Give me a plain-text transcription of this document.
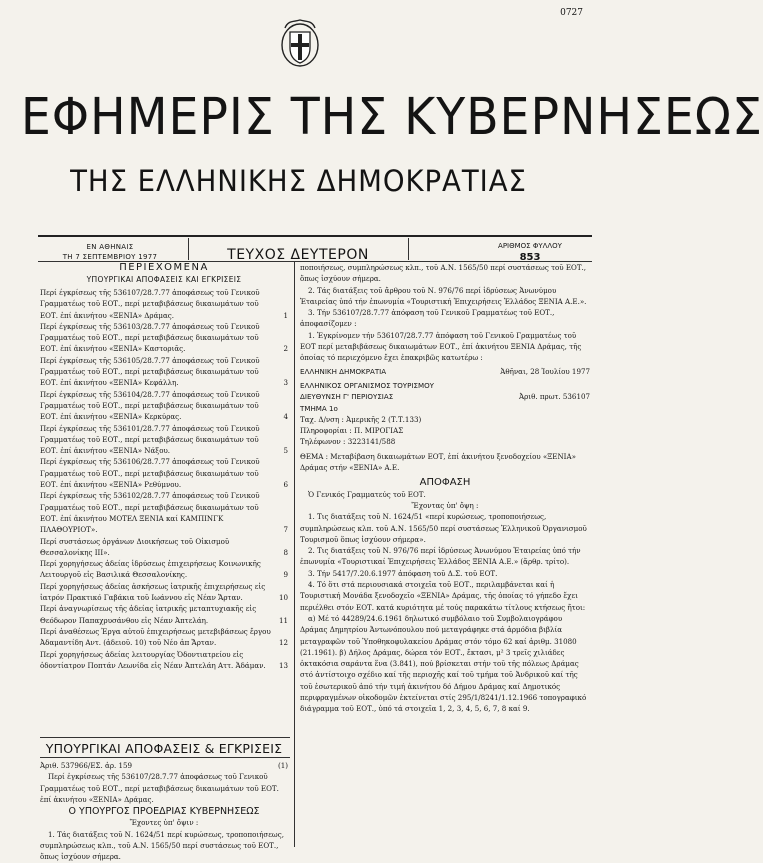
0727
ΕΦΗΜΕΡΙΣ ΤΗΣ ΚΥΒΕΡΝΗΣΕΩΣ
ΤΗΣ ΕΛΛΗΝΙΚΗΣ ΔΗΜΟΚΡΑΤΙΑΣ
ΕΝ ΑΘΗΝΑΙΣ
ΤΗ 7 ΣΕΠΤΕΜΒΡΙΟΥ 1977	ΤΕΥΧΟΣ ΔΕΥΤΕΡΟΝ
ΑΡΙΘΜΟΣ ΦΥΛΛΟΥ
853
ΠΕΡΙΕΧΟΜΕΝΑ
ΥΠΟΥΡΓΙΚΑΙ ΑΠΟΦΑΣΕΙΣ ΚΑΙ ΕΓΚΡΙΣΕΙΣ
Περί έγκρίσεως τῆς 536107/28.7.77 ἀποφάσεως τοῦ Γενικοῦ Γραμματέως τοῦ ΕΟΤ., περί μεταβιβάσεως δικαιωμάτων τοῦ ΕΟΤ. ἐπί ἀκινήτου «ΞΕΝΙΑ» Δράμας.	1
Περί έγκρίσεως τῆς 536103/28.7.77 ἀποφάσεως τοῦ Γενικοῦ Γραμματέως τοῦ ΕΟΤ., περί μεταβιβάσεως δικαιωμάτων τοῦ ΕΟΤ. ἐπί ἀκινήτου «ΞΕΝΙΑ» Καστοριᾶς.	2
Περί έγκρίσεως τῆς 536105/28.7.77 ἀποφάσεως τοῦ Γενικοῦ Γραμματέως τοῦ ΕΟΤ., περί μεταβιβάσεως δικαιωμάτων τοῦ ΕΟΤ. ἐπί ἀκινήτου «ΞΕΝΙΑ» Κεφάλλη.	3
Περί έγκρίσεως τῆς 536104/28.7.77 ἀποφάσεως τοῦ Γενικοῦ Γραμματέως τοῦ ΕΟΤ., περί μεταβιβάσεως δικαιωμάτων τοῦ ΕΟΤ. ἐπί ἀκινήτου «ΞΕΝΙΑ» Κερκύρας.	4
Περί έγκρίσεως τῆς 536101/28.7.77 ἀποφάσεως τοῦ Γενικοῦ Γραμματέως τοῦ ΕΟΤ., περί μεταβιβάσεως δικαιωμάτων τοῦ ΕΟΤ. ἐπί ἀκινήτου «ΞΕΝΙΑ» Νάξου.	5
Περί έγκρίσεως τῆς 536106/28.7.77 ἀποφάσεως τοῦ Γενικοῦ Γραμματέως τοῦ ΕΟΤ., περί μεταβιβάσεως δικαιωμάτων τοῦ ΕΟΤ. ἐπί ἀκινήτου «ΞΕΝΙΑ» Ρεθύμνου.	6
Περί έγκρίσεως τῆς 536102/28.7.77 ἀποφάσεως τοῦ Γενικοῦ Γραμματέως τοῦ ΕΟΤ., περί μεταβιβάσεως δικαιωμάτων τοῦ ΕΟΤ. ἐπί ἀκινήτου ΜΟΤΕΛ ΞΕΝΙΑ καί ΚΑΜΠΙΝΓΚ ΠΛΑΘΟΥΡΙΟΤ».	7
Περί συστάσεως ὀργάνων Διοικήσεως τοῦ Οἰκισμοῦ Θεσσαλονίκης ΙΙΙ».	8
Περί χορηγήσεως ἀδείας ἱδρύσεως ἐπιχειρήσεως Κοινωνικῆς Λειτουργοῦ εἰς Βασιλικά Θεσσαλονίκης.	9
Περί χορηγήσεως ἀδείας ἀσκήσεως ἰατρικῆς ἐπιχειρήσεως εἰς ἰατρόν Πρακτικό Γαβάκια τοῦ Ιωάννου εἰς Νέαν Ἄρταν.	10
Περί ἀναγνωρίσεως τῆς ἀδείας ἰατρικῆς μεταπτυχιακῆς εἰς Θεόδωρον Παπαχρυσάνθου εἰς Νέαν Ἀπτελάη.	11
Περί ἀναθέσεως Ἐργα αὐτοῦ ἐπιχειρήσεως μετεβιβάσεως ἔργου Ἀδαμαντίδη Αντ. (ἀδειοῦ. 10) τοῦ Νέο ἀπ Ἄρταν.	12
Περί χορηγήσεως ἀδείας λειτουργίας Ὀδοντιατρείου εἰς ὀδοντίατρον Ποπτάν Λεωνίδα εἰς Νέαν Ἀπτελάη Αττ. Ἀδάμαν. 13
ΥΠΟΥΡΓΙΚΑΙ ΑΠΟΦΑΣΕΙΣ & ΕΓΚΡΙΣΕΙΣ
Ἀριθ. 537966/ΕΣ. ἀρ. 159	(1)

Περί ἐγκρίσεως τῆς 536107/28.7.77 ἀποφάσεως τοῦ Γενικοῦ Γραμματέως τοῦ ΕΟΤ., περί μεταβιβάσεως δικαιωμάτων τοῦ ΕΟΤ. ἐπί ἀκινήτου «ΞΕΝΙΑ» Δράμας.

Ο ΥΠΟΥΡΓΟΣ ΠΡΟΕΔΡΙΑΣ ΚΥΒΕΡΝΗΣΕΩΣ

Ἔχοντες ὑπ' ὄψιν :

1. Τάς διατάξεις τοῦ Ν. 1624/51 περί κυρώσεως, τροποποιήσεως, συμπληρώσεως κλπ., τοῦ Α.Ν. 1565/50 περί συστάσεως τοῦ ΕΟΤ., ὅπως ἰσχύουν σήμερα.

ποποιήσεως, συμπληρώσεως κλπ., τοῦ Α.Ν. 1565/50 περί συστάσεως τοῦ ΕΟΤ., ὅπως ἰσχύουν σήμερα.

2. Τάς διατάξεις τοῦ ἄρθρου τοῦ Ν. 976/76 περί ἱδρύσεως Ἀνωνύμου Ἑταιρείας ὑπό τήν ἐπωνυμία «Τουριστική Ἐπιχειρήσεις Ἑλλάδος ΞΕΝΙΑ Α.Ε.».

3. Τήν 536107/28.7.77 ἀπόφαση τοῦ Γενικοῦ Γραμματέως τοῦ ΕΟΤ., ἀποφασίζομεν :

1. Ἐγκρίνομεν τήν 536107/28.7.77 ἀπόφαση τοῦ Γενικοῦ Γραμματέως τοῦ ΕΟΤ περί μεταβιβάσεως δικαιωμάτων ΕΟΤ., ἐπί ἀκινήτου ΞΕΝΙΑ Δράμας, τῆς ὁποίας τό περιεχόμενο ἔχει ἐπακριβῶς κατωτέρω :

ΕΛΛΗΝΙΚΗ ΔΗΜΟΚΡΑΤΙΑ	Ἀθῆναι, 28 Ἰουλίου 1977
ΕΛΛΗΝΙΚΟΣ ΟΡΓΑΝΙΣΜΟΣ ΤΟΥΡΙΣΜΟΥ
ΔΙΕΥΘΥΝΣΗ Γ' ΠΕΡΙΟΥΣΙΑΣ	Ἀριθ. πρωτ. 536107
ΤΜΗΜΑ 1ο
Ταχ. Δ/νση : Ἀμερικῆς 2 (Τ.Τ.133)
Πληροφορίαι : Π. ΜΙΡΟΓΙΑΣ
Τηλέφωνον : 3223141/588

ΘΕΜΑ : Μεταβίβαση δικαιωμάτων ΕΟΤ, ἐπί ἀκινήτου ξενοδοχείου «ΞΕΝΙΑ» Δράμας στήν «ΞΕΝΙΑ» Α.Ε.

ΑΠΟΦΑΣΗ

Ὁ Γενικός Γραμματεύς τοῦ ΕΟΤ.

Ἔχοντας ὑπ' ὄψη :

1. Τις διατάξεις τοῦ Ν. 1624/51 «περί κυρώσεως, τροποποιήσεως, συμπληρώσεως κλπ. τοῦ Α.Ν. 1565/50 περί συστάσεως Ἑλληνικοῦ Ὀργανισμοῦ Τουρισμοῦ ὅπως ἰσχύουν σήμερα».

2. Τις διατάξεις τοῦ Ν. 976/76 περί ἱδρύσεως Ἀνωνύμου Ἑταιρείας ὑπό τήν ἐπωνυμία «Τουριστικαί Ἐπιχειρήσεις Ἑλλάδος ΞΕΝΙΑ Α.Ε.» (ἄρθρ. τρίτο).

3. Τήν 5417/7.20.6.1977 ἀπόφαση τοῦ Δ.Σ. τοῦ ΕΟΤ.

4. Τό ὅτι στά περιουσιακά στοιχεῖα τοῦ ΕΟΤ., περιλαμβάνεται καί ἡ Τουριστική Μονάδα ξενοδοχεῖο «ΞΕΝΙΑ» Δράμας, τῆς ὁποίας τό γήπεδο ἔχει περιέλθει στόν ΕΟΤ. κατά κυριότητα μέ τούς παρακάτω τίτλους κτήσεως ἤτοι:

α) Μέ τό 44289/24.6.1961 δηλωτικό συμβόλαιο τοῦ Συμβολαιογράφου Δράμας Δημητρίου Ἀντωνόπουλου πού μεταγράφηκε στά ἀρμόδια βιβλία μεταγραφῶν τοῦ Ὑποθηκοφυλακείου Δράμας στόν τόμο 62 καί ἀριθμ. 31080 (21.1961). β) Δήλος Δράμας, δώρεα τόν ΕΟΤ., ἔκτασι, μ² 3 τρεῖς χιλιάδες ὀκτακόσια σαράντα ἕνα (3.841), πού βρίσκεται στήν τοῦ τῆς πόλεως Δράμας στό ἀντίστοιχο σχέδιο καί τῆς περιοχῆς καί τοῦ τμήμα τοῦ Ἀνδρικοῦ καί τῆς τοῦ ἐσωτερικοῦ ἀπό τήν τιμή ἀκινήτου δό Δήμου Δράμας καί Δημοτικός περιφραγμένων οἰκοδομῶν ἐκτείνεται στίς 295/1/8241/1.12.1966 τοπογραφικό διάγραμμα τοῦ ΕΟΤ., ὑπό τά στοιχεῖα 1, 2, 3, 4, 5, 6, 7, 8 καί 9.
